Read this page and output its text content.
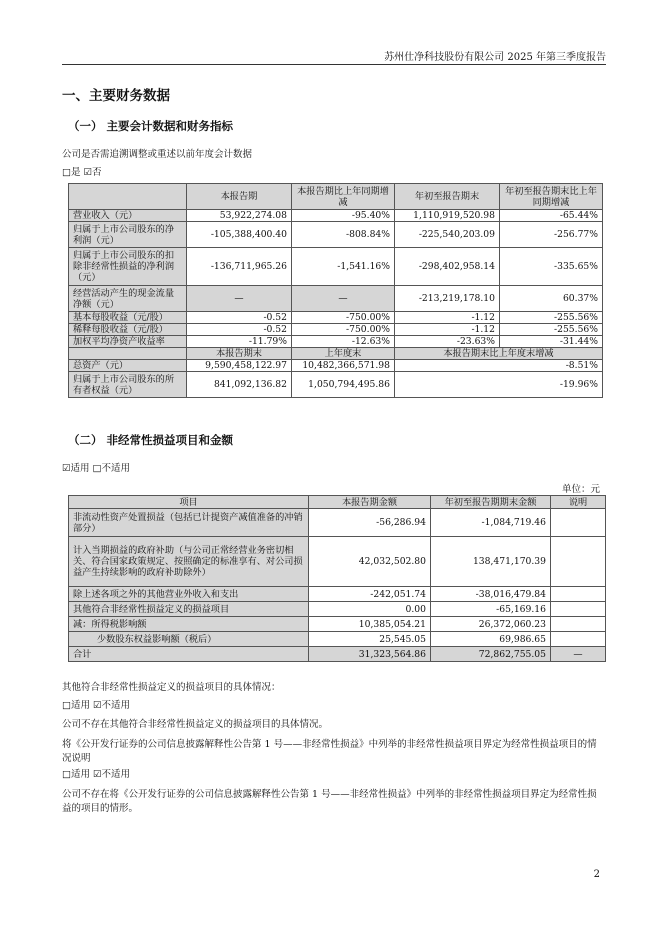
苏州仕净科技股份有限公司 2025 年第三季度报告
一、主要财务数据
（一） 主要会计数据和财务指标
公司是否需追溯调整或重述以前年度会计数据
□是 ☑否
	本报告期	本报告期比上年同期增减	年初至报告期末	年初至报告期末比上年同期增减
营业收入（元）	53,922,274.08	-95.40%	1,110,919,520.98	-65.44%
归属于上市公司股东的净利润（元）	-105,388,400.40	-808.84%	-225,540,203.09	-256.77%
归属于上市公司股东的扣除非经常性损益的净利润（元）	-136,711,965.26	-1,541.16%	-298,402,958.14	-335.65%
经营活动产生的现金流量净额（元）	—	—	-213,219,178.10	60.37%
基本每股收益（元/股）	-0.52	-750.00%	-1.12	-255.56%
稀释每股收益（元/股）	-0.52	-750.00%	-1.12	-255.56%
加权平均净资产收益率	-11.79%	-12.63%	-23.63%	-31.44%
	本报告期末	上年度末	本报告期末比上年度末增减	
总资产（元）	9,590,458,122.97	10,482,366,571.98	-8.51%	
归属于上市公司股东的所有者权益（元）	841,092,136.82	1,050,794,495.86	-19.96%	
（二） 非经常性损益项目和金额
☑适用 □不适用
单位：元
项目	本报告期金额	年初至报告期期末金额	说明
非流动性资产处置损益（包括已计提资产减值准备的冲销部分）	-56,286.94	-1,084,719.46	
计入当期损益的政府补助（与公司正常经营业务密切相关、符合国家政策规定、按照确定的标准享有、对公司损益产生持续影响的政府补助除外）	42,032,502.80	138,471,170.39	
除上述各项之外的其他营业外收入和支出	-242,051.74	-38,016,479.84	
其他符合非经常性损益定义的损益项目	0.00	-65,169.16	
减：所得税影响额	10,385,054.21	26,372,060.23	
少数股东权益影响额（税后）	25,545.05	69,986.65	
合计	31,323,564.86	72,862,755.05	—
其他符合非经常性损益定义的损益项目的具体情况：
□适用 ☑不适用
公司不存在其他符合非经常性损益定义的损益项目的具体情况。
将《公开发行证券的公司信息披露解释性公告第 1 号——非经常性损益》中列举的非经常性损益项目界定为经常性损益项目的情况说明
□适用 ☑不适用
公司不存在将《公开发行证券的公司信息披露解释性公告第 1 号——非经常性损益》中列举的非经常性损益项目界定为经常性损益的项目的情形。
2
